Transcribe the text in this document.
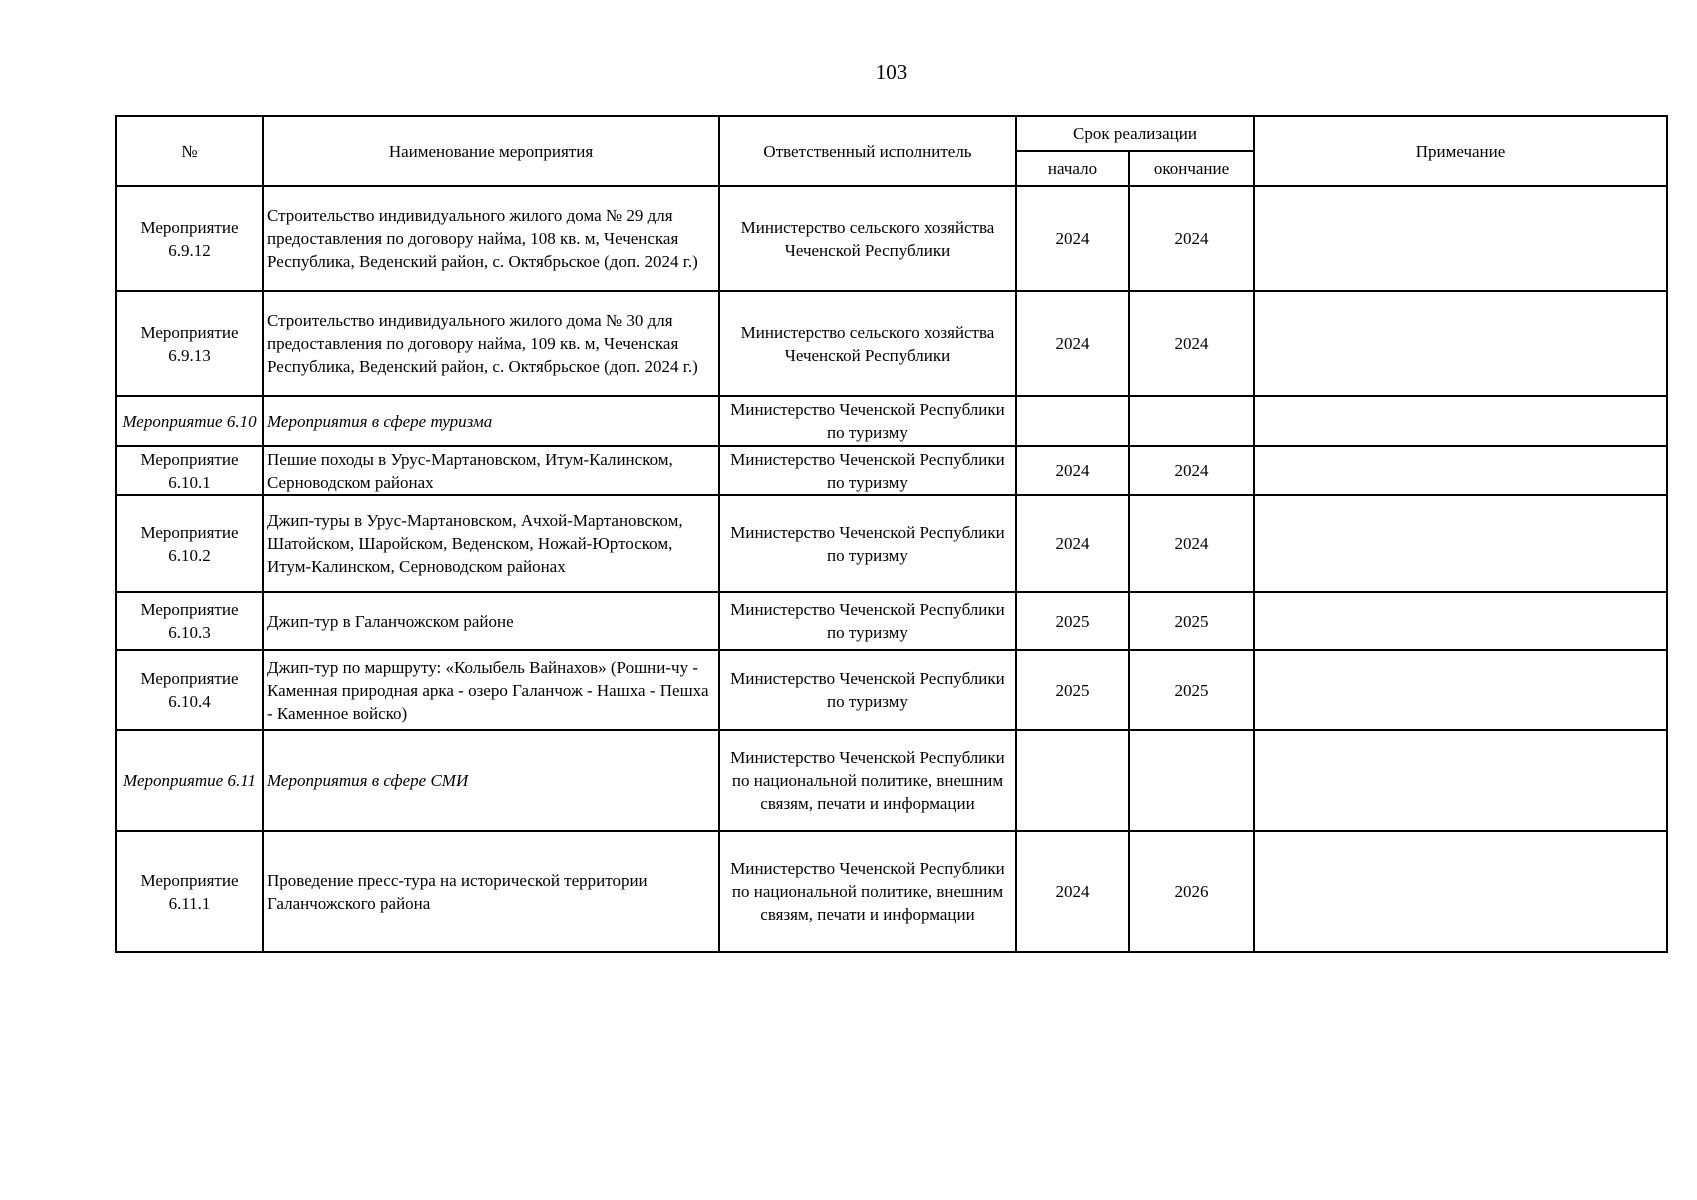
103
№	Наименование мероприятия	Ответственный исполнитель	Срок реализации		Примечание
			начало	окончание	
Мероприятие 6.9.12	Строительство индивидуального жилого дома № 29 для предоставления по договору найма, 108 кв. м, Чеченская Республика, Веденский район, с. Октябрьское (доп. 2024 г.)	Министерство сельского хозяйства Чеченской Республики	2024	2024	
Мероприятие 6.9.13	Строительство индивидуального жилого дома № 30 для предоставления по договору найма, 109 кв. м, Чеченская Республика, Веденский район, с. Октябрьское (доп. 2024 г.)	Министерство сельского хозяйства Чеченской Республики	2024	2024	
Мероприятие 6.10	Мероприятия в сфере туризма	Министерство Чеченской Республики по туризму			
Мероприятие 6.10.1	Пешие походы в Урус-Мартановском, Итум-Калинском, Серноводском районах	Министерство Чеченской Республики по туризму	2024	2024	
Мероприятие 6.10.2	Джип-туры в Урус-Мартановском, Ачхой-Мартановском, Шатойском, Шаройском, Веденском, Ножай-Юртоском, Итум-Калинском, Серноводском районах	Министерство Чеченской Республики по туризму	2024	2024	
Мероприятие 6.10.3	Джип-тур в Галанчожском районе	Министерство Чеченской Республики по туризму	2025	2025	
Мероприятие 6.10.4	Джип-тур по маршруту: «Колыбель Вайнахов» (Рошни-чу - Каменная природная арка - озеро Галанчож - Нашха - Пешха - Каменное войско)	Министерство Чеченской Республики по туризму	2025	2025	
Мероприятие 6.11	Мероприятия в сфере СМИ	Министерство Чеченской Республики по национальной политике, внешним связям, печати и информации			
Мероприятие 6.11.1	Проведение пресс-тура на исторической территории Галанчожского района	Министерство Чеченской Республики по национальной политике, внешним связям, печати и информации	2024	2026	
